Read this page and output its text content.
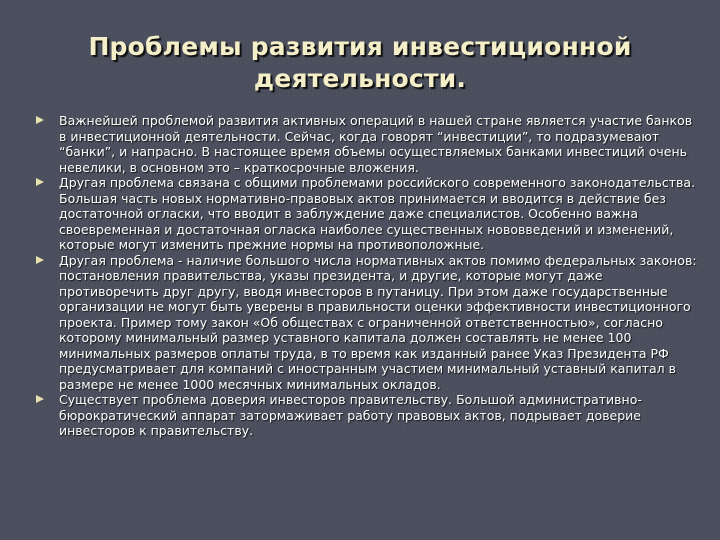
Проблемы развития инвестиционной деятельности.
Важнейшей проблемой развития активных операций в нашей стране является участие банков в инвестиционной деятельности. Сейчас, когда говорят “инвестиции”, то подразумевают “банки”, и напрасно. В настоящее время объемы осуществляемых банками инвестиций очень невелики, в основном это – краткосрочные вложения.
Другая проблема связана с общими проблемами российского современного законодательства. Большая часть новых нормативно-правовых актов принимается и вводится в действие без достаточной огласки, что вводит в заблуждение даже специалистов. Особенно важна своевременная и достаточная огласка наиболее существенных нововведений и изменений, которые могут изменить прежние нормы на противоположные.
Другая проблема - наличие большого числа нормативных актов помимо федеральных законов: постановления правительства, указы президента, и другие, которые могут даже противоречить друг другу, вводя инвесторов в путаницу. При этом даже государственные организации не могут быть уверены в правильности оценки эффективности инвестиционного проекта. Пример тому закон «Об обществах с ограниченной ответственностью», согласно которому минимальный размер уставного капитала должен составлять не менее 100 минимальных размеров оплаты труда, в то время как изданный ранее Указ Президента РФ предусматривает для компаний с иностранным участием минимальный уставный капитал в размере не менее 1000 месячных минимальных окладов.
Существует проблема доверия инвесторов правительству. Большой административно-бюрократический аппарат затормаживает работу правовых актов, подрывает доверие инвесторов к правительству.
